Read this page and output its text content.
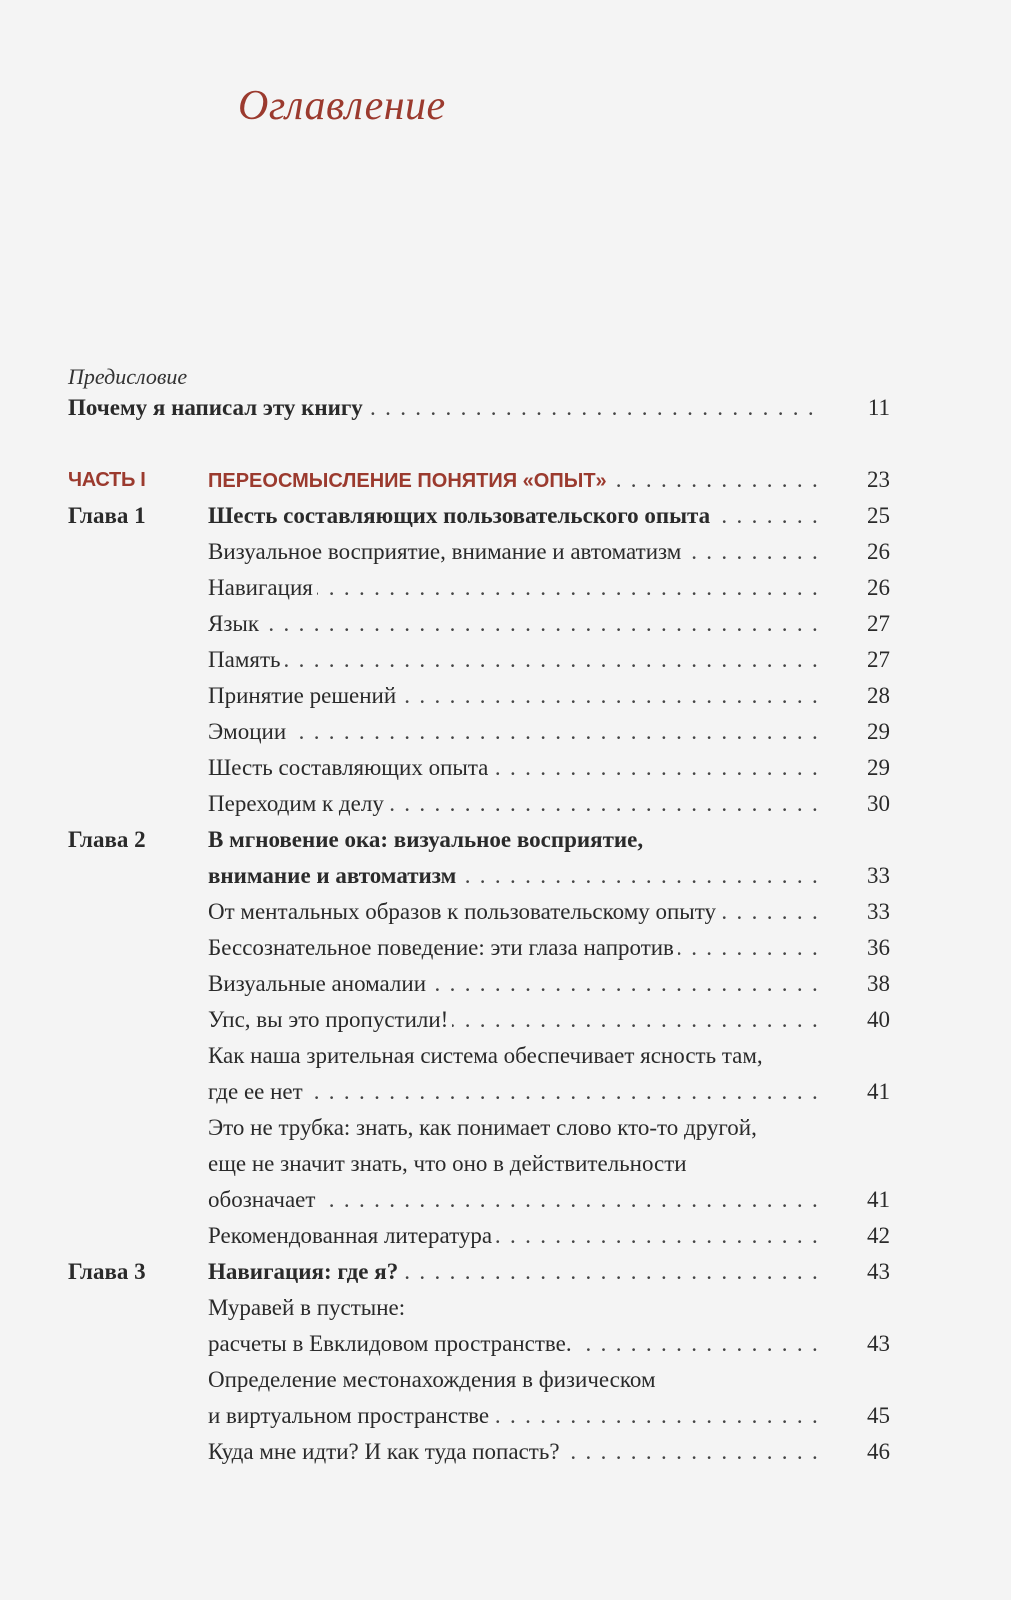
Оглавление
Предисловие
Почему я написал эту книгу . . .	11
ЧАСТЬ I	ПЕРЕОСМЫСЛЕНИЕ ПОНЯТИЯ «ОПЫТ» . . .	23
Глава 1	Шесть составляющих пользовательского опыта . . .	25
Визуальное восприятие, внимание и автоматизм . . .	26
Навигация . . .	26
Язык . . .	27
Память . . .	27
Принятие решений . . .	28
Эмоции . . .	29
Шесть составляющих опыта . . .	29
Переходим к делу . . .	30
Глава 2	В мгновение ока: визуальное восприятие,
внимание и автоматизм . . .	33
От ментальных образов к пользовательскому опыту . . .	33
Бессознательное поведение: эти глаза напротив . . .	36
Визуальные аномалии . . .	38
Упс, вы это пропустили! . . .	40
Как наша зрительная система обеспечивает ясность там,
где ее нет . . .	41
Это не трубка: знать, как понимает слово кто-то другой,
еще не значит знать, что оно в действительности
обозначает . . .	41
Рекомендованная литература . . .	42
Глава 3	Навигация: где я? . . .	43
Муравей в пустыне:
расчеты в Евклидовом пространстве. . . .	43
Определение местонахождения в физическом
и виртуальном пространстве . . .	45
Куда мне идти? И как туда попасть? . . .	46
